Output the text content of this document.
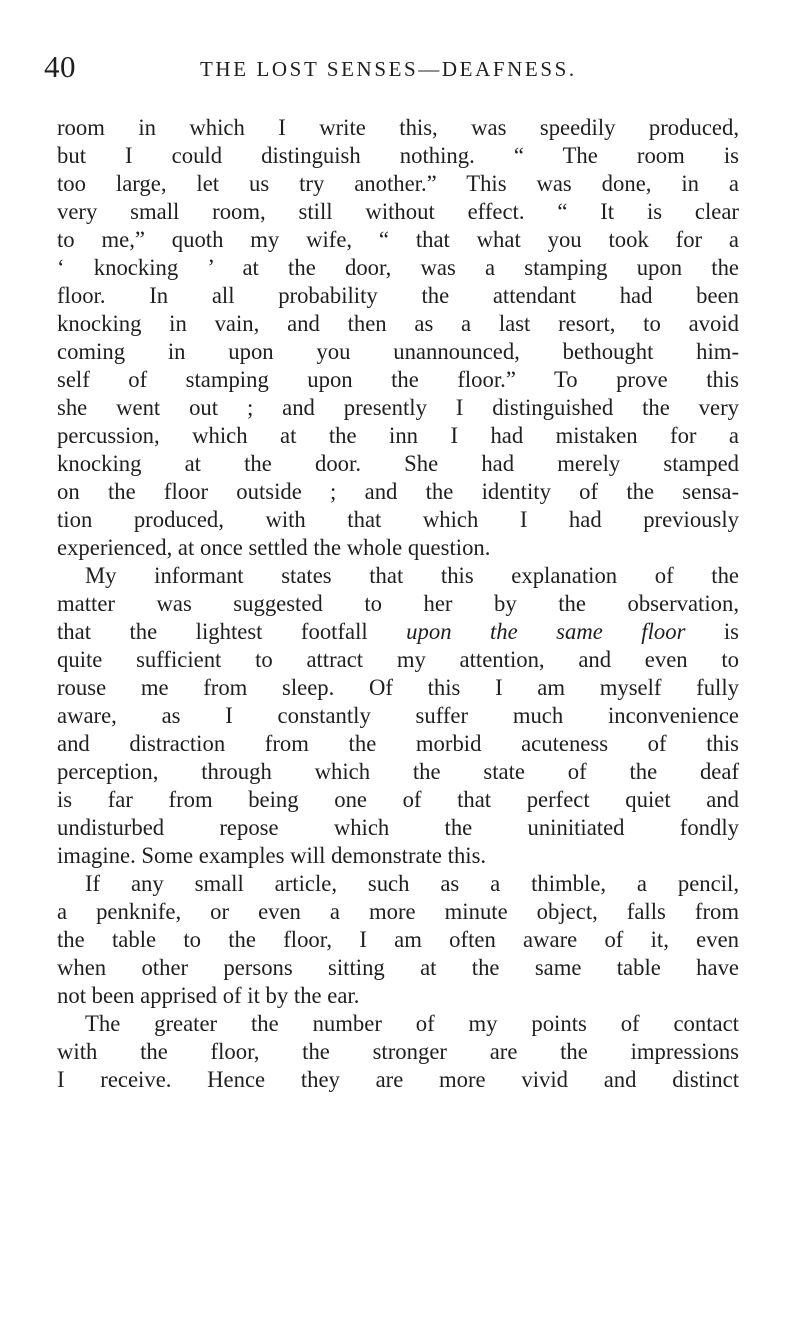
40	THE LOST SENSES—DEAFNESS.
room in which I write this, was speedily produced,
but I could distinguish nothing. “ The room is
too large, let us try another.” This was done, in a
very small room, still without effect. “ It is clear
to me,” quoth my wife, “ that what you took for a
‘ knocking ’ at the door, was a stamping upon the
floor. In all probability the attendant had been
knocking in vain, and then as a last resort, to avoid
coming in upon you unannounced, bethought him-
self of stamping upon the floor.” To prove this
she went out ; and presently I distinguished the very
percussion, which at the inn I had mistaken for a
knocking at the door. She had merely stamped
on the floor outside ; and the identity of the sensa-
tion produced, with that which I had previously
experienced, at once settled the whole question.
My informant states that this explanation of the
matter was suggested to her by the observation,
that the lightest footfall upon the same floor is
quite sufficient to attract my attention, and even to
rouse me from sleep. Of this I am myself fully
aware, as I constantly suffer much inconvenience
and distraction from the morbid acuteness of this
perception, through which the state of the deaf
is far from being one of that perfect quiet and
undisturbed repose which the uninitiated fondly
imagine. Some examples will demonstrate this.
If any small article, such as a thimble, a pencil,
a penknife, or even a more minute object, falls from
the table to the floor, I am often aware of it, even
when other persons sitting at the same table have
not been apprised of it by the ear.
The greater the number of my points of contact
with the floor, the stronger are the impressions
I receive. Hence they are more vivid and distinct
